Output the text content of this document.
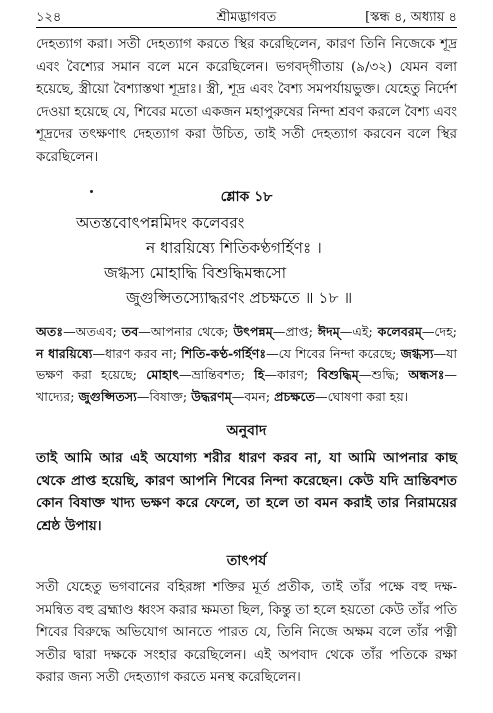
১২৪	শ্রীমদ্ভাগবত	[স্কন্ধ ৪, অধ্যায় ৪

দেহত্যাগ করা। সতী দেহত্যাগ করতে স্থির করেছিলেন, কারণ তিনি নিজেকে শূদ্র এবং বৈশ্যের সমান বলে মনে করেছিলেন। ভগবদ্‌গীতায় (৯/৩২) যেমন বলা হয়েছে, স্ত্রীয়ো বৈশ্যাস্তথা শূদ্রাঃ। স্ত্রী, শূদ্র এবং বৈশ্য সমপর্যায়ভুক্ত। যেহেতু নির্দেশ দেওয়া হয়েছে যে, শিবের মতো একজন মহাপুরুষের নিন্দা শ্রবণ করলে বৈশ্য এবং শূদ্রদের তৎক্ষণাৎ দেহত্যাগ করা উচিত, তাই সতী দেহত্যাগ করবেন বলে স্থির করেছিলেন।

শ্লোক ১৮
অতস্তবোৎপন্নমিদং কলেবরং
ন ধারয়িষ্যে শিতিকণ্ঠগর্হিণঃ ।
জগ্ধস্য মোহাদ্ধি বিশুদ্ধিমন্ধসো
জুগুপ্সিতস্যোদ্ধরণং প্রচক্ষতে ॥ ১৮ ॥

অতঃ—অতএব; তব—আপনার থেকে; উৎপন্নম্—প্রাপ্ত; ঈদম্—এই; কলেবরম্—দেহ; ন ধারয়িষ্যে—ধারণ করব না; শিতি-কণ্ঠ-গর্হিণঃ—যে শিবের নিন্দা করেছে; জগ্ধস্য—যা ভক্ষণ করা হয়েছে; মোহাৎ—ভ্রান্তিবশত; হি—কারণ; বিশুদ্ধিম্—শুদ্ধি; অন্ধসঃ—খাদ্যের; জুগুপ্সিতস্য—বিষাক্ত; উদ্ধরণম্—বমন; প্রচক্ষতে—ঘোষণা করা হয়।

অনুবাদ

তাই আমি আর এই অযোগ্য শরীর ধারণ করব না, যা আমি আপনার কাছ থেকে প্রাপ্ত হয়েছি, কারণ আপনি শিবের নিন্দা করেছেন। কেউ যদি ভ্রান্তিবশত কোন বিষাক্ত খাদ্য ভক্ষণ করে ফেলে, তা হলে তা বমন করাই তার নিরাময়ের শ্রেষ্ঠ উপায়।

তাৎপর্য

সতী যেহেতু ভগবানের বহিরঙ্গা শক্তির মূর্ত প্রতীক, তাই তাঁর পক্ষে বহু দক্ষ-সমন্বিত বহু ব্রহ্মাণ্ড ধ্বংস করার ক্ষমতা ছিল, কিন্তু তা হলে হয়তো কেউ তাঁর পতি শিবের বিরুদ্ধে অভিযোগ আনতে পারত যে, তিনি নিজে অক্ষম বলে তাঁর পত্নী সতীর দ্বারা দক্ষকে সংহার করেছিলেন। এই অপবাদ থেকে তাঁর পতিকে রক্ষা করার জন্য সতী দেহত্যাগ করতে মনস্থ করেছিলেন।
